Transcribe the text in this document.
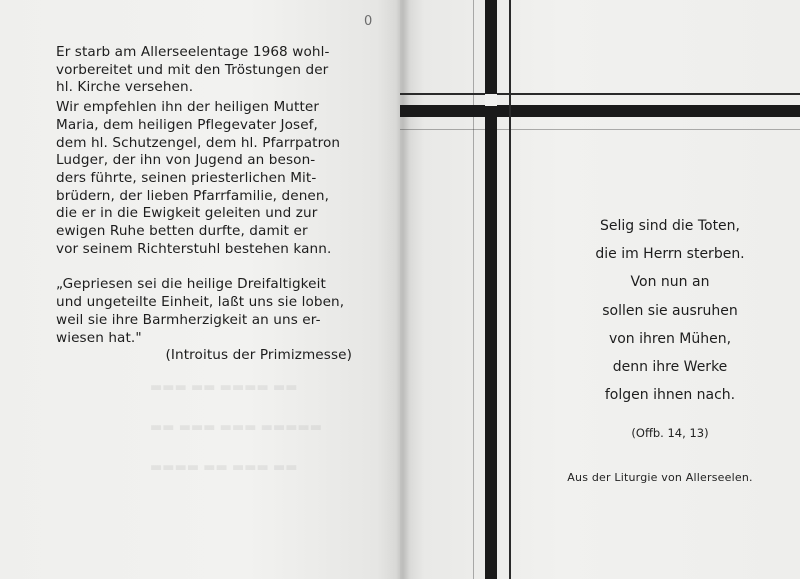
▬▬▬ ▬▬ ▬▬▬▬ ▬▬
▬▬ ▬▬▬ ▬▬▬ ▬▬▬▬▬
▬▬▬▬ ▬▬ ▬▬▬ ▬▬
0

Er starb am Allerseelentage 1968 wohl-
vorbereitet und mit den Tröstungen der
hl. Kirche versehen.

Wir empfehlen ihn der heiligen Mutter
Maria, dem heiligen Pflegevater Josef,
dem hl. Schutzengel, dem hl. Pfarrpatron
Ludger, der ihn von Jugend an beson-
ders führte, seinen priesterlichen Mit-
brüdern, der lieben Pfarrfamilie, denen,
die er in die Ewigkeit geleiten und zur
ewigen Ruhe betten durfte, damit er
vor seinem Richterstuhl bestehen kann.

„Gepriesen sei die heilige Dreifaltigkeit
und ungeteilte Einheit, laßt uns sie loben,
weil sie ihre Barmherzigkeit an uns er-
wiesen hat."

(Introitus der Primizmesse)

Selig sind die Toten,
die im Herrn sterben.
Von nun an
sollen sie ausruhen
von ihren Mühen,
denn ihre Werke
folgen ihnen nach.
(Offb. 14, 13)
Aus der Liturgie von Allerseelen.
